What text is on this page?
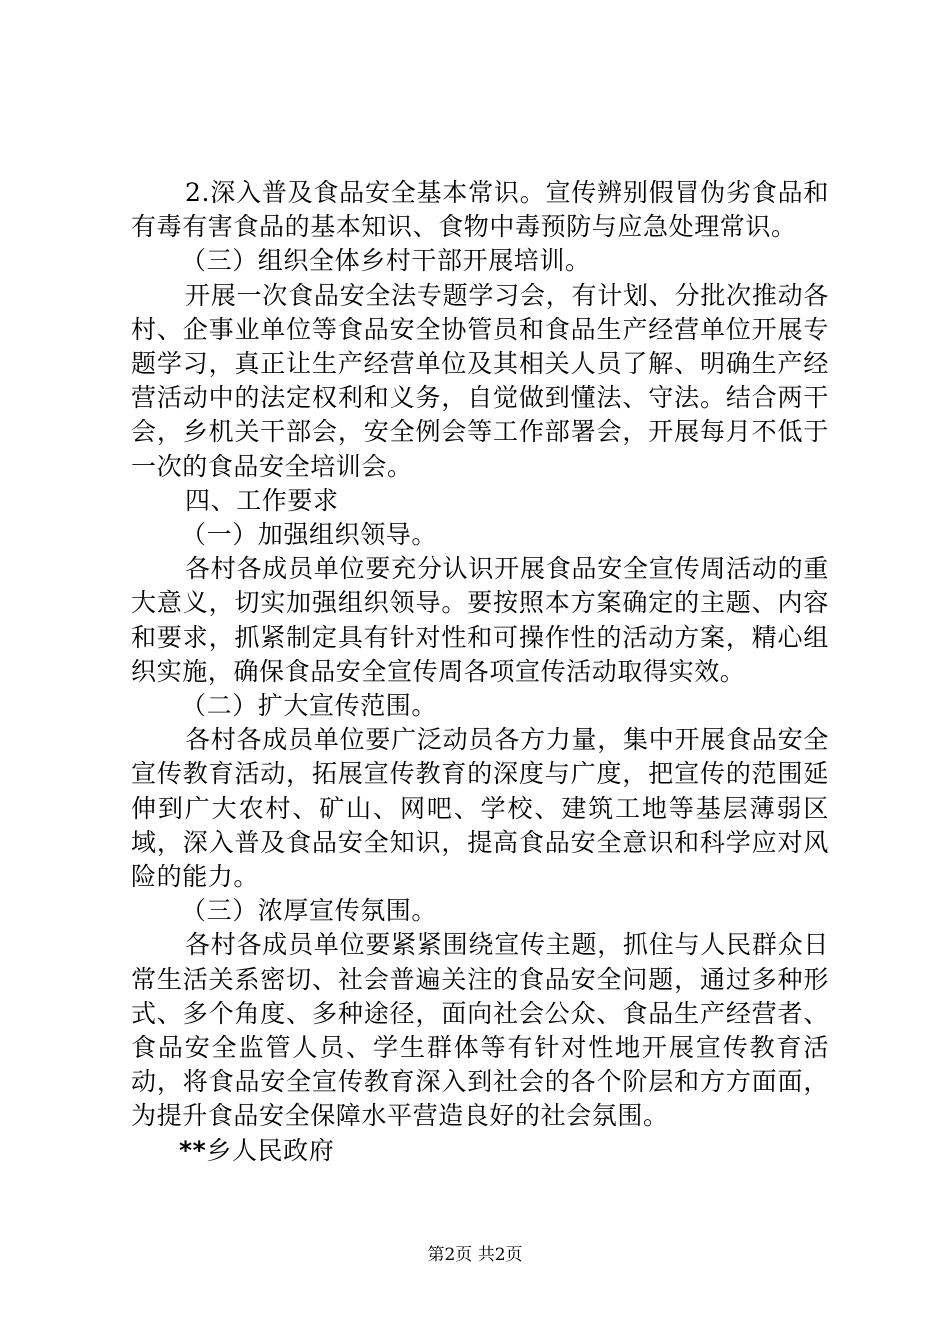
2.深入普及食品安全基本常识。宣传辨别假冒伪劣食品和有毒有害食品的基本知识、食物中毒预防与应急处理常识。

（三）组织全体乡村干部开展培训。

开展一次食品安全法专题学习会，有计划、分批次推动各村、企事业单位等食品安全协管员和食品生产经营单位开展专题学习，真正让生产经营单位及其相关人员了解、明确生产经营活动中的法定权利和义务，自觉做到懂法、守法。结合两干会，乡机关干部会，安全例会等工作部署会，开展每月不低于一次的食品安全培训会。

四、工作要求

（一）加强组织领导。

各村各成员单位要充分认识开展食品安全宣传周活动的重大意义，切实加强组织领导。要按照本方案确定的主题、内容和要求，抓紧制定具有针对性和可操作性的活动方案，精心组织实施，确保食品安全宣传周各项宣传活动取得实效。

（二）扩大宣传范围。

各村各成员单位要广泛动员各方力量，集中开展食品安全宣传教育活动，拓展宣传教育的深度与广度，把宣传的范围延伸到广大农村、矿山、网吧、学校、建筑工地等基层薄弱区域，深入普及食品安全知识，提高食品安全意识和科学应对风险的能力。

（三）浓厚宣传氛围。

各村各成员单位要紧紧围绕宣传主题，抓住与人民群众日常生活关系密切、社会普遍关注的食品安全问题，通过多种形式、多个角度、多种途径，面向社会公众、食品生产经营者、食品安全监管人员、学生群体等有针对性地开展宣传教育活动，将食品安全宣传教育深入到社会的各个阶层和方方面面，为提升食品安全保障水平营造良好的社会氛围。

**乡人民政府

第2页 共2页
